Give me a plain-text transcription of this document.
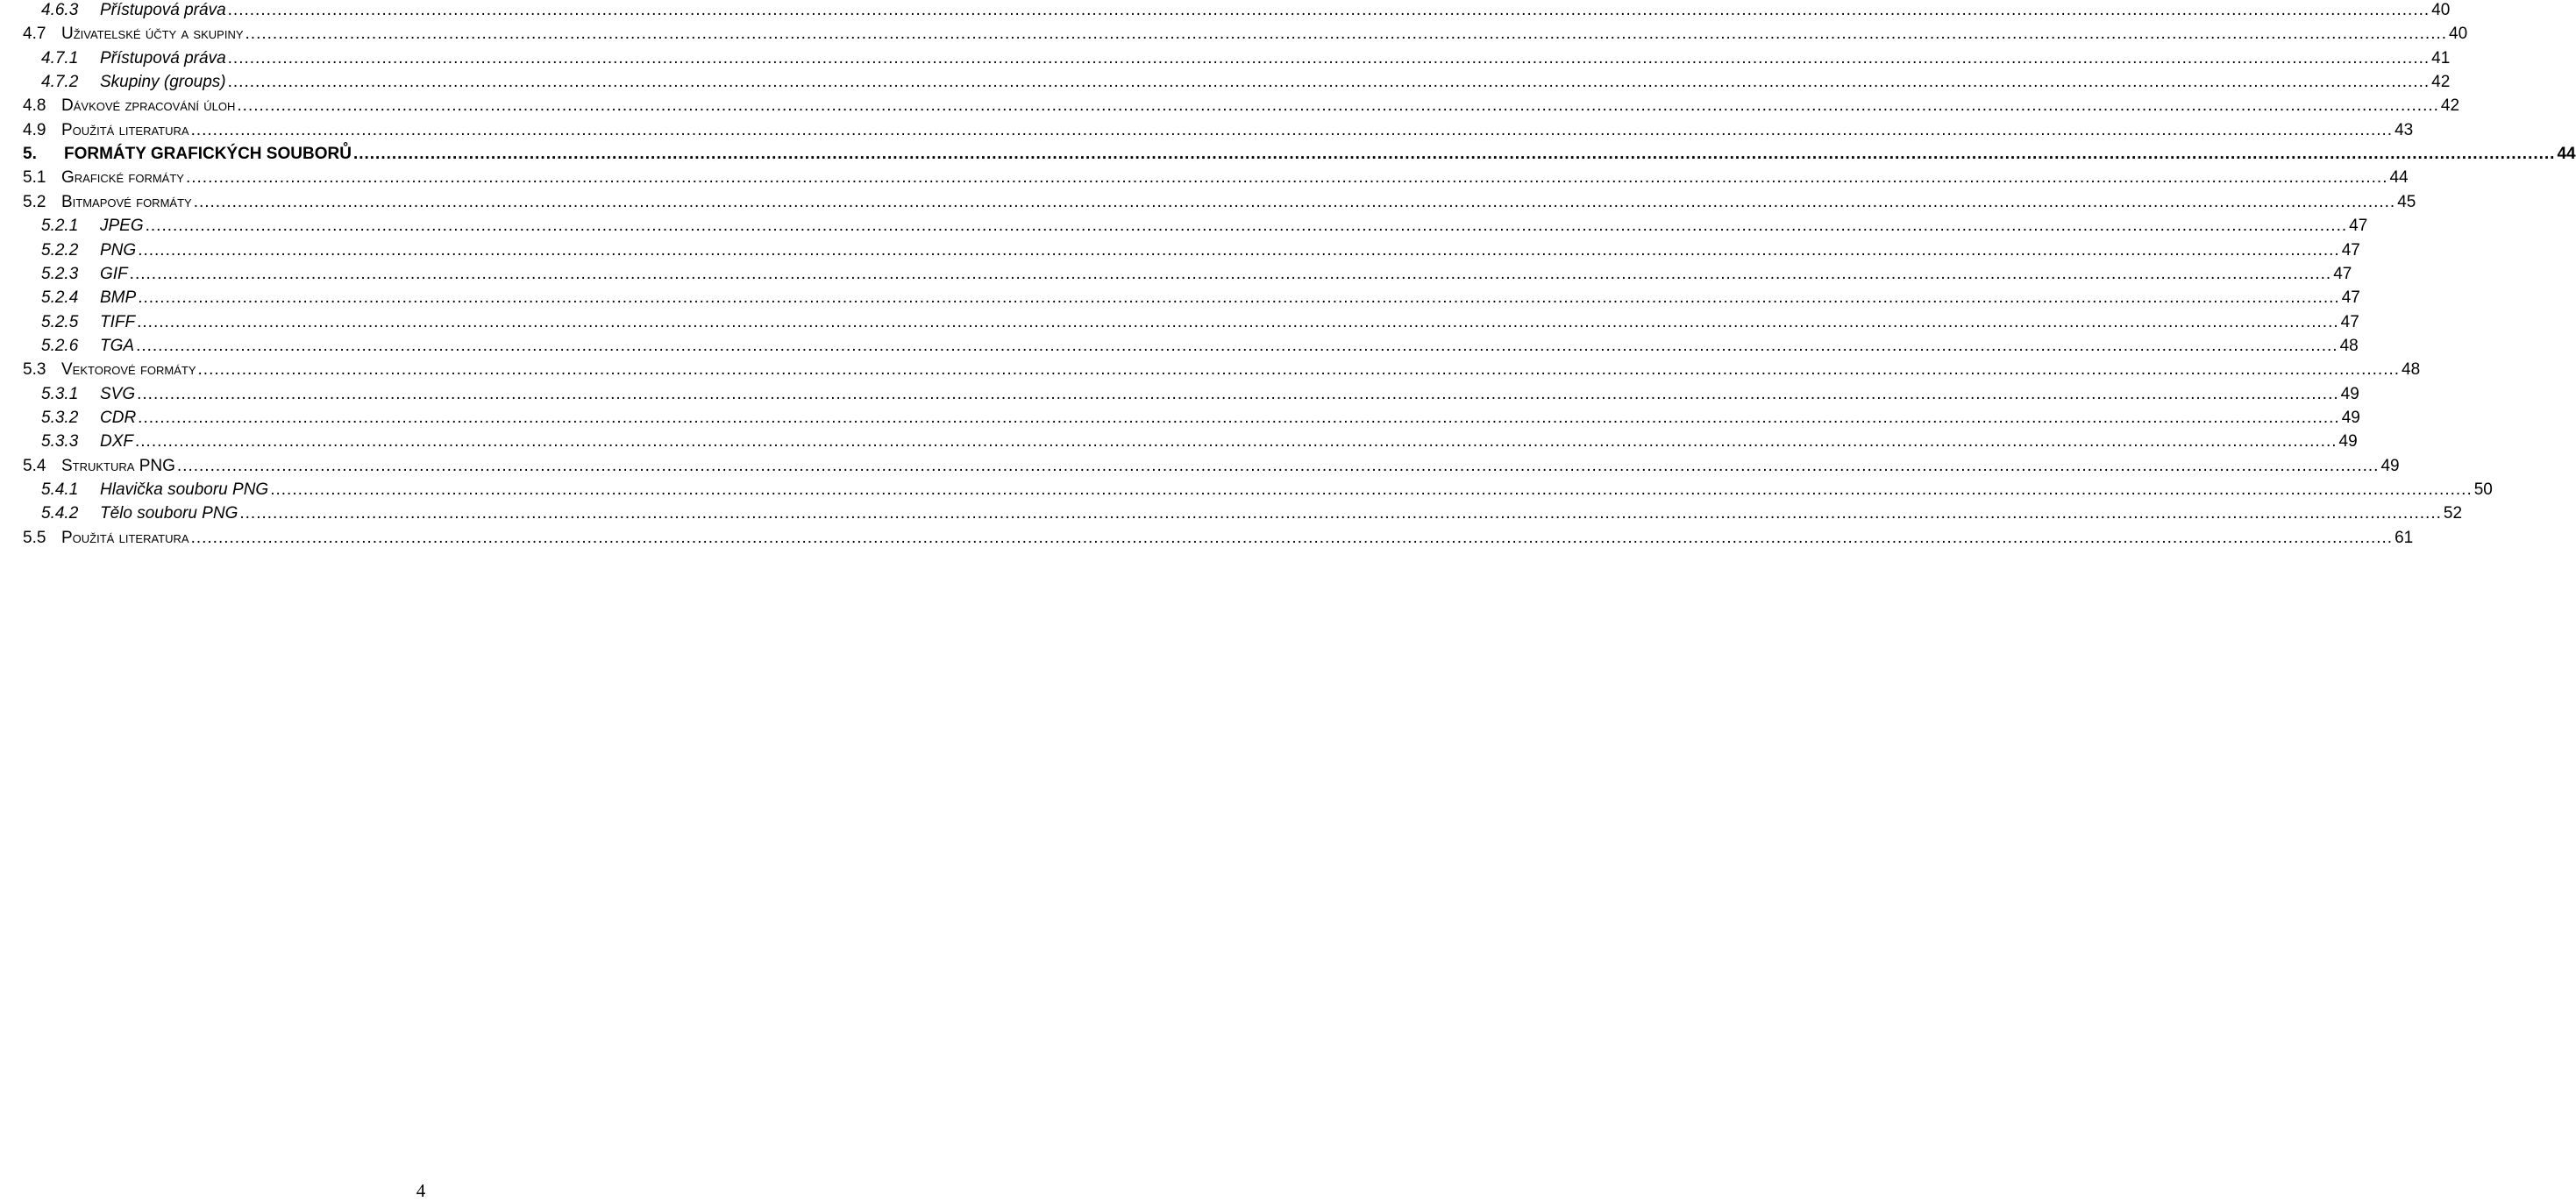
4.6.3	Přístupová práva ................................................................................................................................................................................................................................................................................................................................................................................................................ 40
4.7 Uživatelské účty a skupiny ................................................................................................................................................................................................................................................................................................................................................................................................................ 40
4.7.1	Přístupová práva ................................................................................................................................................................................................................................................................................................................................................................................................................ 41
4.7.2	Skupiny (groups) ................................................................................................................................................................................................................................................................................................................................................................................................................ 42
4.8 Dávkové zpracování úloh ................................................................................................................................................................................................................................................................................................................................................................................................................ 42
4.9 Použitá literatura ................................................................................................................................................................................................................................................................................................................................................................................................................ 43
5.	FORMÁTY GRAFICKÝCH SOUBORŮ ................................................................................................................................................................................................................................................................................................................................................................................................................ 44
5.1 Grafické formáty ................................................................................................................................................................................................................................................................................................................................................................................................................ 44
5.2 Bitmapové formáty ................................................................................................................................................................................................................................................................................................................................................................................................................ 45
5.2.1	JPEG ................................................................................................................................................................................................................................................................................................................................................................................................................ 47
5.2.2	PNG ................................................................................................................................................................................................................................................................................................................................................................................................................ 47
5.2.3	GIF ................................................................................................................................................................................................................................................................................................................................................................................................................ 47
5.2.4	BMP ................................................................................................................................................................................................................................................................................................................................................................................................................ 47
5.2.5	TIFF ................................................................................................................................................................................................................................................................................................................................................................................................................ 47
5.2.6	TGA ................................................................................................................................................................................................................................................................................................................................................................................................................ 48
5.3 Vektorové formáty ................................................................................................................................................................................................................................................................................................................................................................................................................ 48
5.3.1	SVG ................................................................................................................................................................................................................................................................................................................................................................................................................ 49
5.3.2	CDR ................................................................................................................................................................................................................................................................................................................................................................................................................ 49
5.3.3	DXF ................................................................................................................................................................................................................................................................................................................................................................................................................ 49
5.4 Struktura PNG ................................................................................................................................................................................................................................................................................................................................................................................................................ 49
5.4.1	Hlavička souboru PNG ................................................................................................................................................................................................................................................................................................................................................................................................................ 50
5.4.2	Tělo souboru PNG ................................................................................................................................................................................................................................................................................................................................................................................................................ 52
5.5 Použitá literatura ................................................................................................................................................................................................................................................................................................................................................................................................................ 61
4
